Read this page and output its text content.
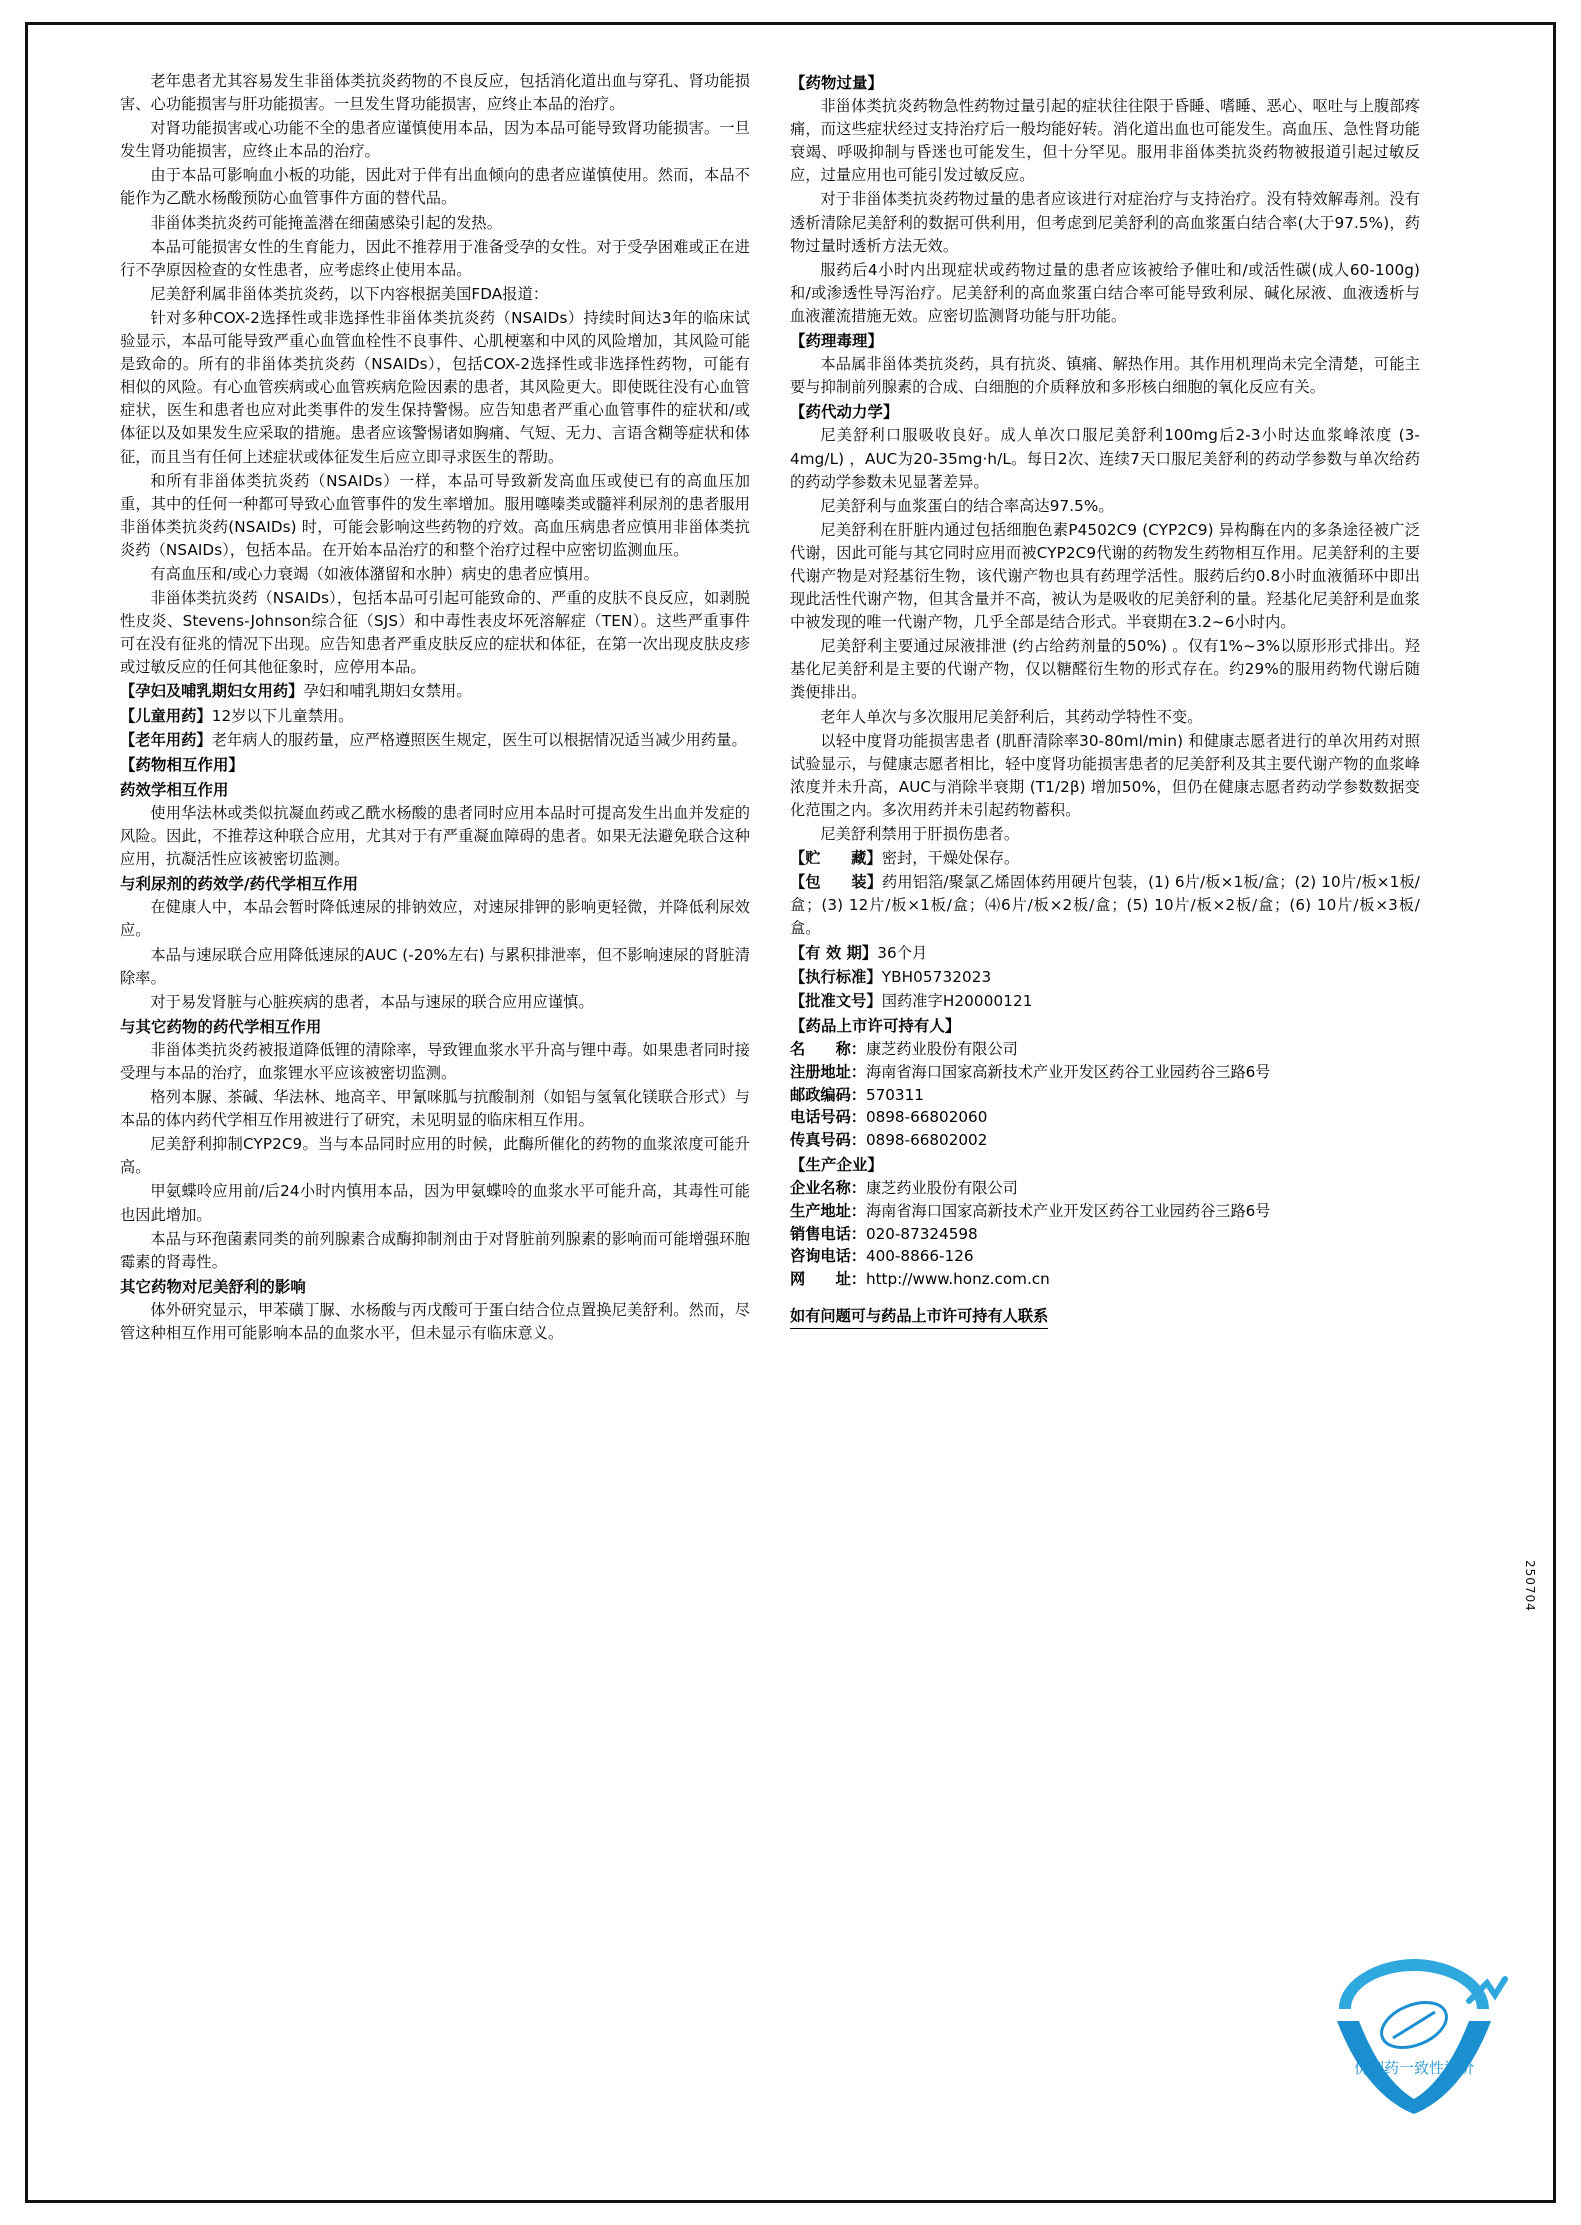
老年患者尤其容易发生非甾体类抗炎药物的不良反应，包括消化道出血与穿孔、肾功能损害、心功能损害与肝功能损害。一旦发生肾功能损害，应终止本品的治疗。

对肾功能损害或心功能不全的患者应谨慎使用本品，因为本品可能导致肾功能损害。一旦发生肾功能损害，应终止本品的治疗。

由于本品可影响血小板的功能，因此对于伴有出血倾向的患者应谨慎使用。然而，本品不能作为乙酰水杨酸预防心血管事件方面的替代品。

非甾体类抗炎药可能掩盖潜在细菌感染引起的发热。

本品可能损害女性的生育能力，因此不推荐用于准备受孕的女性。对于受孕困难或正在进行不孕原因检查的女性患者，应考虑终止使用本品。

尼美舒利属非甾体类抗炎药，以下内容根据美国FDA报道：

针对多种COX-2选择性或非选择性非甾体类抗炎药（NSAIDs）持续时间达3年的临床试验显示，本品可能导致严重心血管血栓性不良事件、心肌梗塞和中风的风险增加，其风险可能是致命的。所有的非甾体类抗炎药（NSAIDs），包括COX-2选择性或非选择性药物，可能有相似的风险。有心血管疾病或心血管疾病危险因素的患者，其风险更大。即使既往没有心血管症状，医生和患者也应对此类事件的发生保持警惕。应告知患者严重心血管事件的症状和/或体征以及如果发生应采取的措施。患者应该警惕诸如胸痛、气短、无力、言语含糊等症状和体征，而且当有任何上述症状或体征发生后应立即寻求医生的帮助。

和所有非甾体类抗炎药（NSAIDs）一样，本品可导致新发高血压或使已有的高血压加重，其中的任何一种都可导致心血管事件的发生率增加。服用噻嗪类或髓袢利尿剂的患者服用非甾体类抗炎药(NSAIDs) 时，可能会影响这些药物的疗效。高血压病患者应慎用非甾体类抗炎药（NSAIDs），包括本品。在开始本品治疗的和整个治疗过程中应密切监测血压。

有高血压和/或心力衰竭（如液体潴留和水肿）病史的患者应慎用。

非甾体类抗炎药（NSAIDs），包括本品可引起可能致命的、严重的皮肤不良反应，如剥脱性皮炎、Stevens-Johnson综合征（SJS）和中毒性表皮坏死溶解症（TEN）。这些严重事件可在没有征兆的情况下出现。应告知患者严重皮肤反应的症状和体征，在第一次出现皮肤皮疹或过敏反应的任何其他征象时，应停用本品。

【孕妇及哺乳期妇女用药】孕妇和哺乳期妇女禁用。

【儿童用药】12岁以下儿童禁用。

【老年用药】老年病人的服药量，应严格遵照医生规定，医生可以根据情况适当减少用药量。

【药物相互作用】

药效学相互作用

使用华法林或类似抗凝血药或乙酰水杨酸的患者同时应用本品时可提高发生出血并发症的风险。因此，不推荐这种联合应用，尤其对于有严重凝血障碍的患者。如果无法避免联合这种应用，抗凝活性应该被密切监测。

与利尿剂的药效学/药代学相互作用

在健康人中，本品会暂时降低速尿的排钠效应，对速尿排钾的影响更轻微，并降低利尿效应。

本品与速尿联合应用降低速尿的AUC (-20%左右) 与累积排泄率，但不影响速尿的肾脏清除率。

对于易发肾脏与心脏疾病的患者，本品与速尿的联合应用应谨慎。

与其它药物的药代学相互作用

非甾体类抗炎药被报道降低锂的清除率，导致锂血浆水平升高与锂中毒。如果患者同时接受理与本品的治疗，血浆锂水平应该被密切监测。

格列本脲、茶碱、华法林、地高辛、甲氰咪胍与抗酸制剂（如铝与氢氧化镁联合形式）与本品的体内药代学相互作用被进行了研究，未见明显的临床相互作用。

尼美舒利抑制CYP2C9。当与本品同时应用的时候，此酶所催化的药物的血浆浓度可能升高。

甲氨蝶呤应用前/后24小时内慎用本品，因为甲氨蝶呤的血浆水平可能升高，其毒性可能也因此增加。

本品与环孢菌素同类的前列腺素合成酶抑制剂由于对肾脏前列腺素的影响而可能增强环胞霉素的肾毒性。

其它药物对尼美舒利的影响

体外研究显示，甲苯磺丁脲、水杨酸与丙戊酸可于蛋白结合位点置换尼美舒利。然而，尽管这种相互作用可能影响本品的血浆水平，但未显示有临床意义。

【药物过量】

非甾体类抗炎药物急性药物过量引起的症状往往限于昏睡、嗜睡、恶心、呕吐与上腹部疼痛，而这些症状经过支持治疗后一般均能好转。消化道出血也可能发生。高血压、急性肾功能衰竭、呼吸抑制与昏迷也可能发生，但十分罕见。服用非甾体类抗炎药物被报道引起过敏反应，过量应用也可能引发过敏反应。

对于非甾体类抗炎药物过量的患者应该进行对症治疗与支持治疗。没有特效解毒剂。没有透析清除尼美舒利的数据可供利用，但考虑到尼美舒利的高血浆蛋白结合率(大于97.5%)，药物过量时透析方法无效。

服药后4小时内出现症状或药物过量的患者应该被给予催吐和/或活性碳(成人60-100g)和/或渗透性导泻治疗。尼美舒利的高血浆蛋白结合率可能导致利尿、碱化尿液、血液透析与血液灌流措施无效。应密切监测肾功能与肝功能。

【药理毒理】

本品属非甾体类抗炎药，具有抗炎、镇痛、解热作用。其作用机理尚未完全清楚，可能主要与抑制前列腺素的合成、白细胞的介质释放和多形核白细胞的氧化反应有关。

【药代动力学】

尼美舒利口服吸收良好。成人单次口服尼美舒利100mg后2-3小时达血浆峰浓度 (3-4mg/L) ，AUC为20-35mg·h/L。每日2次、连续7天口服尼美舒利的药动学参数与单次给药的药动学参数未见显著差异。

尼美舒利与血浆蛋白的结合率高达97.5%。

尼美舒利在肝脏内通过包括细胞色素P4502C9 (CYP2C9) 异构酶在内的多条途径被广泛代谢，因此可能与其它同时应用而被CYP2C9代谢的药物发生药物相互作用。尼美舒利的主要代谢产物是对羟基衍生物，该代谢产物也具有药理学活性。服药后约0.8小时血液循环中即出现此活性代谢产物，但其含量并不高，被认为是吸收的尼美舒利的量。羟基化尼美舒利是血浆中被发现的唯一代谢产物，几乎全部是结合形式。半衰期在3.2~6小时内。

尼美舒利主要通过尿液排泄 (约占给药剂量的50%) 。仅有1%~3%以原形形式排出。羟基化尼美舒利是主要的代谢产物，仅以糖醛衍生物的形式存在。约29%的服用药物代谢后随粪便排出。

老年人单次与多次服用尼美舒利后，其药动学特性不变。

以轻中度肾功能损害患者 (肌酐清除率30-80ml/min) 和健康志愿者进行的单次用药对照试验显示，与健康志愿者相比，轻中度肾功能损害患者的尼美舒利及其主要代谢产物的血浆峰浓度并未升高，AUC与消除半衰期 (T1/2β) 增加50%，但仍在健康志愿者药动学参数数据变化范围之内。多次用药并未引起药物蓄积。

尼美舒利禁用于肝损伤患者。

【贮　　藏】密封，干燥处保存。

【包　　装】药用铝箔/聚氯乙烯固体药用硬片包装，(1) 6片/板×1板/盒；(2) 10片/板×1板/盒；(3) 12片/板×1板/盒；⑷6片/板×2板/盒；(5) 10片/板×2板/盒；(6) 10片/板×3板/盒。

【有 效 期】36个月

【执行标准】YBH05732023

【批准文号】国药准字H20000121

【药品上市许可持有人】

名　　称： 康芝药业股份有限公司
注册地址： 海南省海口国家高新技术产业开发区药谷工业园药谷三路6号
邮政编码： 570311
电话号码： 0898-66802060
传真号码： 0898-66802002

【生产企业】

企业名称： 康芝药业股份有限公司
生产地址： 海南省海口国家高新技术产业开发区药谷工业园药谷三路6号
销售电话： 020-87324598
咨询电话： 400-8866-126
网　　址： http://www.honz.com.cn
如有问题可与药品上市许可持有人联系
250704
仿制药一致性评价
